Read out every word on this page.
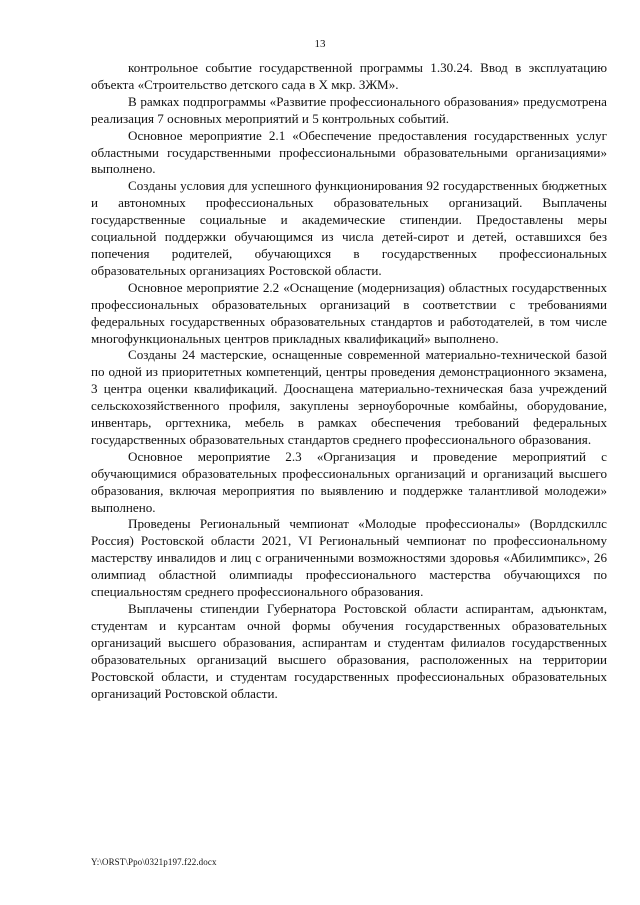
13

контрольное событие государственной программы 1.30.24. Ввод в эксплуатацию объекта «Строительство детского сада в X мкр. ЗЖМ».

В рамках подпрограммы «Развитие профессионального образования» предусмотрена реализация 7 основных мероприятий и 5 контрольных событий.

Основное мероприятие 2.1 «Обеспечение предоставления государственных услуг областными государственными профессиональными образовательными организациями» выполнено.

Созданы условия для успешного функционирования 92 государственных бюджетных и автономных профессиональных образовательных организаций. Выплачены государственные социальные и академические стипендии. Предоставлены меры социальной поддержки обучающимся из числа детей-сирот и детей, оставшихся без попечения родителей, обучающихся в государственных профессиональных образовательных организациях Ростовской области.

Основное мероприятие 2.2 «Оснащение (модернизация) областных государственных профессиональных образовательных организаций в соответствии с требованиями федеральных государственных образовательных стандартов и работодателей, в том числе многофункциональных центров прикладных квалификаций» выполнено.

Созданы 24 мастерские, оснащенные современной материально-технической базой по одной из приоритетных компетенций, центры проведения демонстрационного экзамена, 3 центра оценки квалификаций. Дооснащена материально-техническая база учреждений сельскохозяйственного профиля, закуплены зерноуборочные комбайны, оборудование, инвентарь, оргтехника, мебель в рамках обеспечения требований федеральных государственных образовательных стандартов среднего профессионального образования.

Основное мероприятие 2.3 «Организация и проведение мероприятий с обучающимися образовательных профессиональных организаций и организаций высшего образования, включая мероприятия по выявлению и поддержке талантливой молодежи» выполнено.

Проведены Региональный чемпионат «Молодые профессионалы» (Ворлдскиллс Россия) Ростовской области 2021, VI Региональный чемпионат по профессиональному мастерству инвалидов и лиц с ограниченными возможностями здоровья «Абилимпикс», 26 олимпиад областной олимпиады профессионального мастерства обучающихся по специальностям среднего профессионального образования.

Выплачены стипендии Губернатора Ростовской области аспирантам, адъюнктам, студентам и курсантам очной формы обучения государственных образовательных организаций высшего образования, аспирантам и студентам филиалов государственных образовательных организаций высшего образования, расположенных на территории Ростовской области, и студентам государственных профессиональных образовательных организаций Ростовской области.

Y:\ORST\Ppo\0321p197.f22.docx
